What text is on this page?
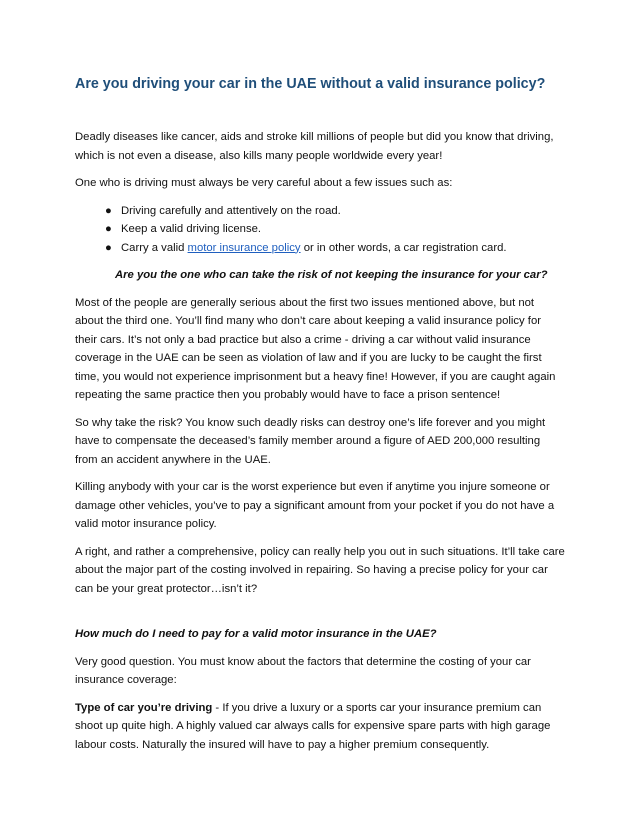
Are you driving your car in the UAE without a valid insurance policy?

Deadly diseases like cancer, aids and stroke kill millions of people but did you know that driving, which is not even a disease, also kills many people worldwide every year!

One who is driving must always be very careful about a few issues such as:

● Driving carefully and attentively on the road.
● Keep a valid driving license.
● Carry a valid motor insurance policy or in other words, a car registration card.

Are you the one who can take the risk of not keeping the insurance for your car?

Most of the people are generally serious about the first two issues mentioned above, but not about the third one. You’ll find many who don’t care about keeping a valid insurance policy for their cars. It’s not only a bad practice but also a crime - driving a car without valid insurance coverage in the UAE can be seen as violation of law and if you are lucky to be caught the first time, you would not experience imprisonment but a heavy fine! However, if you are caught again repeating the same practice then you probably would have to face a prison sentence!

So why take the risk? You know such deadly risks can destroy one’s life forever and you might have to compensate the deceased’s family member around a figure of AED 200,000 resulting from an accident anywhere in the UAE.

Killing anybody with your car is the worst experience but even if anytime you injure someone or damage other vehicles, you’ve to pay a significant amount from your pocket if you do not have a valid motor insurance policy.

A right, and rather a comprehensive, policy can really help you out in such situations. It’ll take care about the major part of the costing involved in repairing. So having a precise policy for your car can be your great protector…isn’t it?

How much do I need to pay for a valid motor insurance in the UAE?

Very good question. You must know about the factors that determine the costing of your car insurance coverage:

Type of car you’re driving - If you drive a luxury or a sports car your insurance premium can shoot up quite high. A highly valued car always calls for expensive spare parts with high garage labour costs. Naturally the insured will have to pay a higher premium consequently.
